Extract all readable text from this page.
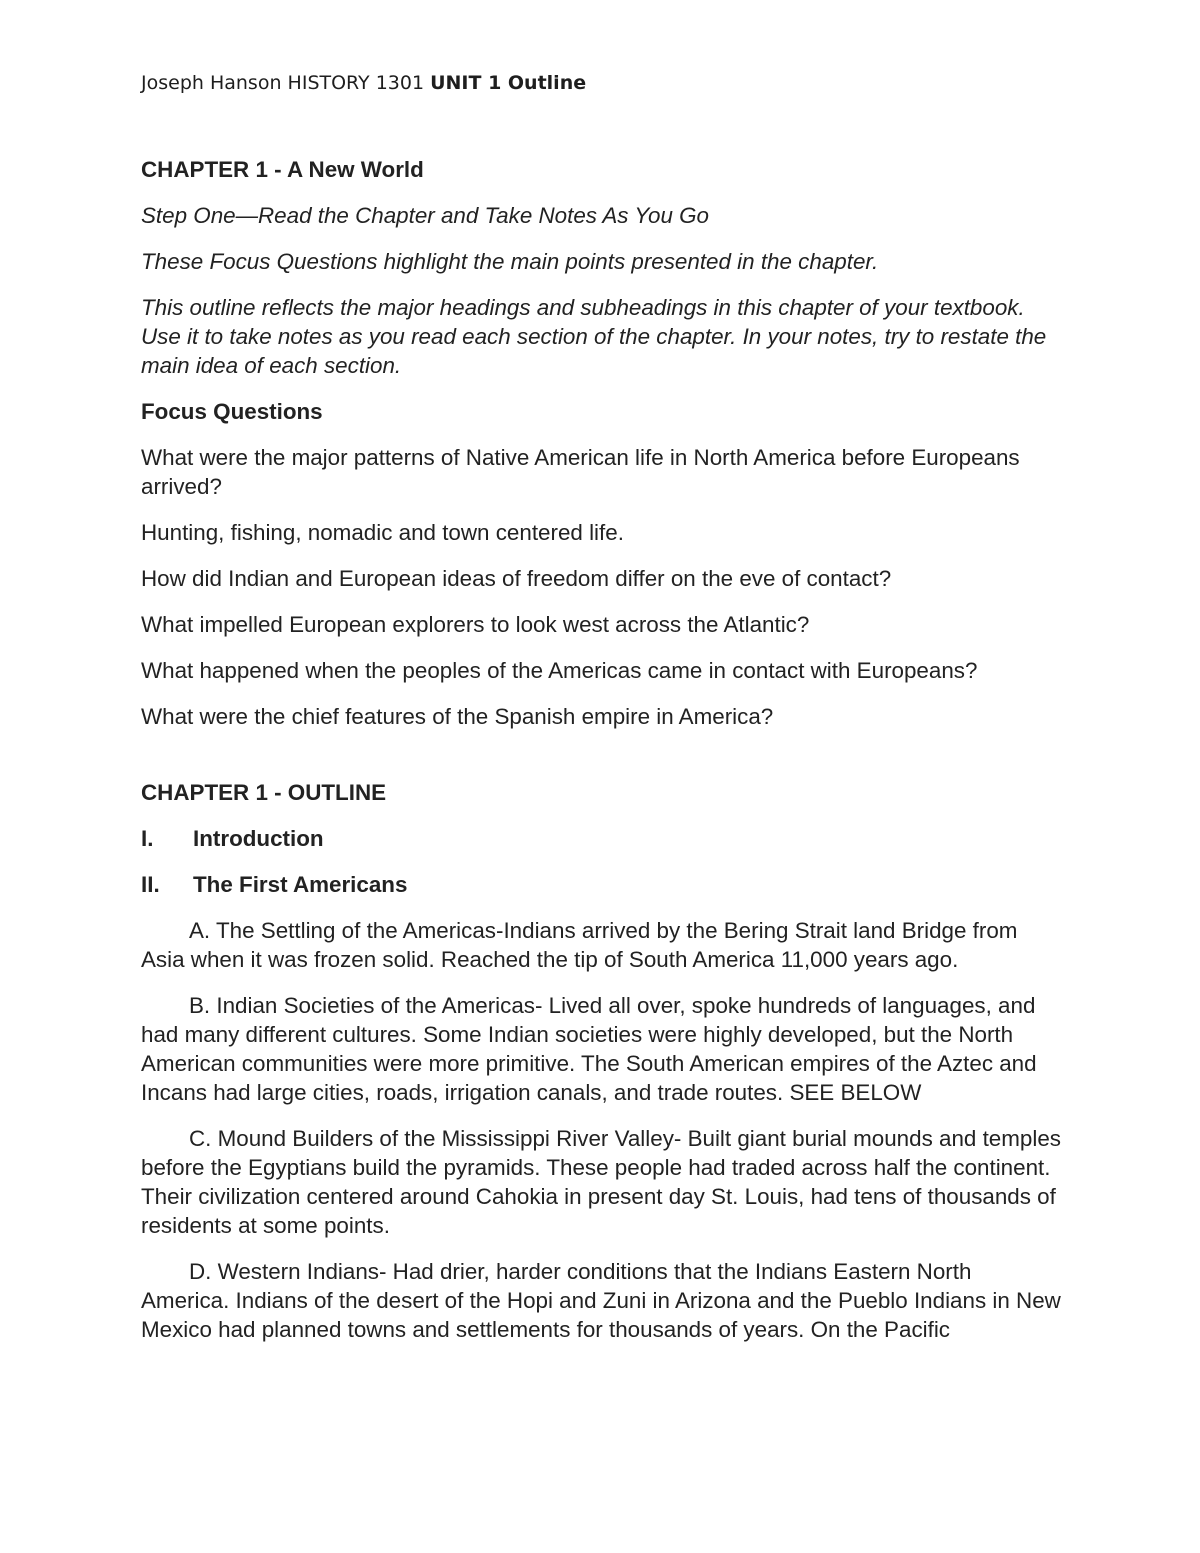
Joseph Hanson HISTORY 1301 UNIT 1 Outline

CHAPTER 1 - A New World

Step One—Read the Chapter and Take Notes As You Go

These Focus Questions highlight the main points presented in the chapter.

This outline reflects the major headings and subheadings in this chapter of your textbook. Use it to take notes as you read each section of the chapter. In your notes, try to restate the main idea of each section.

Focus Questions

What were the major patterns of Native American life in North America before Europeans arrived?

Hunting, fishing, nomadic and town centered life.

How did Indian and European ideas of freedom differ on the eve of contact?

What impelled European explorers to look west across the Atlantic?

What happened when the peoples of the Americas came in contact with Europeans?

What were the chief features of the Spanish empire in America?

CHAPTER 1 - OUTLINE

I.	Introduction
II.	The First Americans

A. The Settling of the Americas-Indians arrived by the Bering Strait land Bridge from Asia when it was frozen solid. Reached the tip of South America 11,000 years ago.

B. Indian Societies of the Americas- Lived all over, spoke hundreds of languages, and had many different cultures. Some Indian societies were highly developed, but the North American communities were more primitive. The South American empires of the Aztec and Incans had large cities, roads, irrigation canals, and trade routes. SEE BELOW

C. Mound Builders of the Mississippi River Valley- Built giant burial mounds and temples before the Egyptians build the pyramids. These people had traded across half the continent. Their civilization centered around Cahokia in present day St. Louis, had tens of thousands of residents at some points.

D. Western Indians- Had drier, harder conditions that the Indians Eastern North America. Indians of the desert of the Hopi and Zuni in Arizona and the Pueblo Indians in New Mexico had planned towns and settlements for thousands of years. On the Pacific
